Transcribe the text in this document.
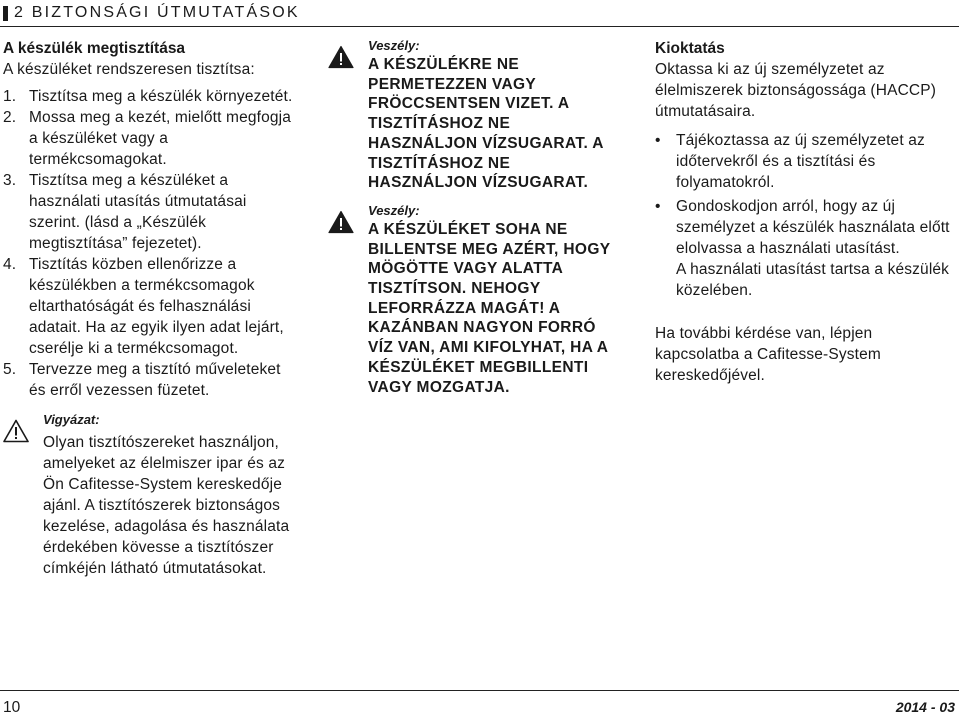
2 BIZTONSÁGI ÚTMUTATÁSOK
A készülék megtisztítása
A készüléket rendszeresen tisztítsa:
1. Tisztítsa meg a készülék környezetét.
2. Mossa meg a kezét, mielőtt megfogja a készüléket vagy a termékcsomagokat.
3. Tisztítsa meg a készüléket a használati utasítás útmutatásai szerint. (lásd a „Készülék megtisztítása” fejezetet).
4. Tisztítás közben ellenőrizze a készülékben a termékcsomagok eltarthatóságát és felhasználási adatait. Ha az egyik ilyen adat lejárt, cserélje ki a termékcsomagot.
5. Tervezze meg a tisztító műveleteket és erről vezessen füzetet.
Vigyázat:
Olyan tisztítószereket használjon, amelyeket az élelmiszer ipar és az Ön Cafitesse-System kereskedője ajánl. A tisztítószerek biztonságos kezelése, adagolása és használata érdekében kövesse a tisztítószer címkéjén látható útmutatásokat.
Veszély:
A KÉSZÜLÉKRE NE PERMETEZZEN VAGY FRÖCCSENTSEN VIZET. A TISZTÍTÁSHOZ NE HASZNÁLJON VÍZSUGARAT. A TISZTÍTÁSHOZ NE HASZNÁLJON VÍZSUGARAT.
Veszély:
A KÉSZÜLÉKET SOHA NE BILLENTSE MEG AZÉRT, HOGY MÖGÖTTE VAGY ALATTA TISZTÍTSON. NEHOGY LEFORRÁZZA MAGÁT! A KAZÁNBAN NAGYON FORRÓ VÍZ VAN, AMI KIFOLYHAT, HA A KÉSZÜLÉKET MEGBILLENTI VAGY MOZGATJA.
Kioktatás
Oktassa ki az új személyzetet az élelmiszerek biztonságossága (HACCP) útmutatásaira.
• Tájékoztassa az új személyzetet az időtervekről és a tisztítási és folyamatokról.
• Gondoskodjon arról, hogy az új személyzet a készülék használata előtt elolvassa a használati utasítást.
A használati utasítást tartsa a készülék közelében.
Ha további kérdése van, lépjen kapcsolatba a Cafitesse-System kereskedőjével.
10	2014 - 03
